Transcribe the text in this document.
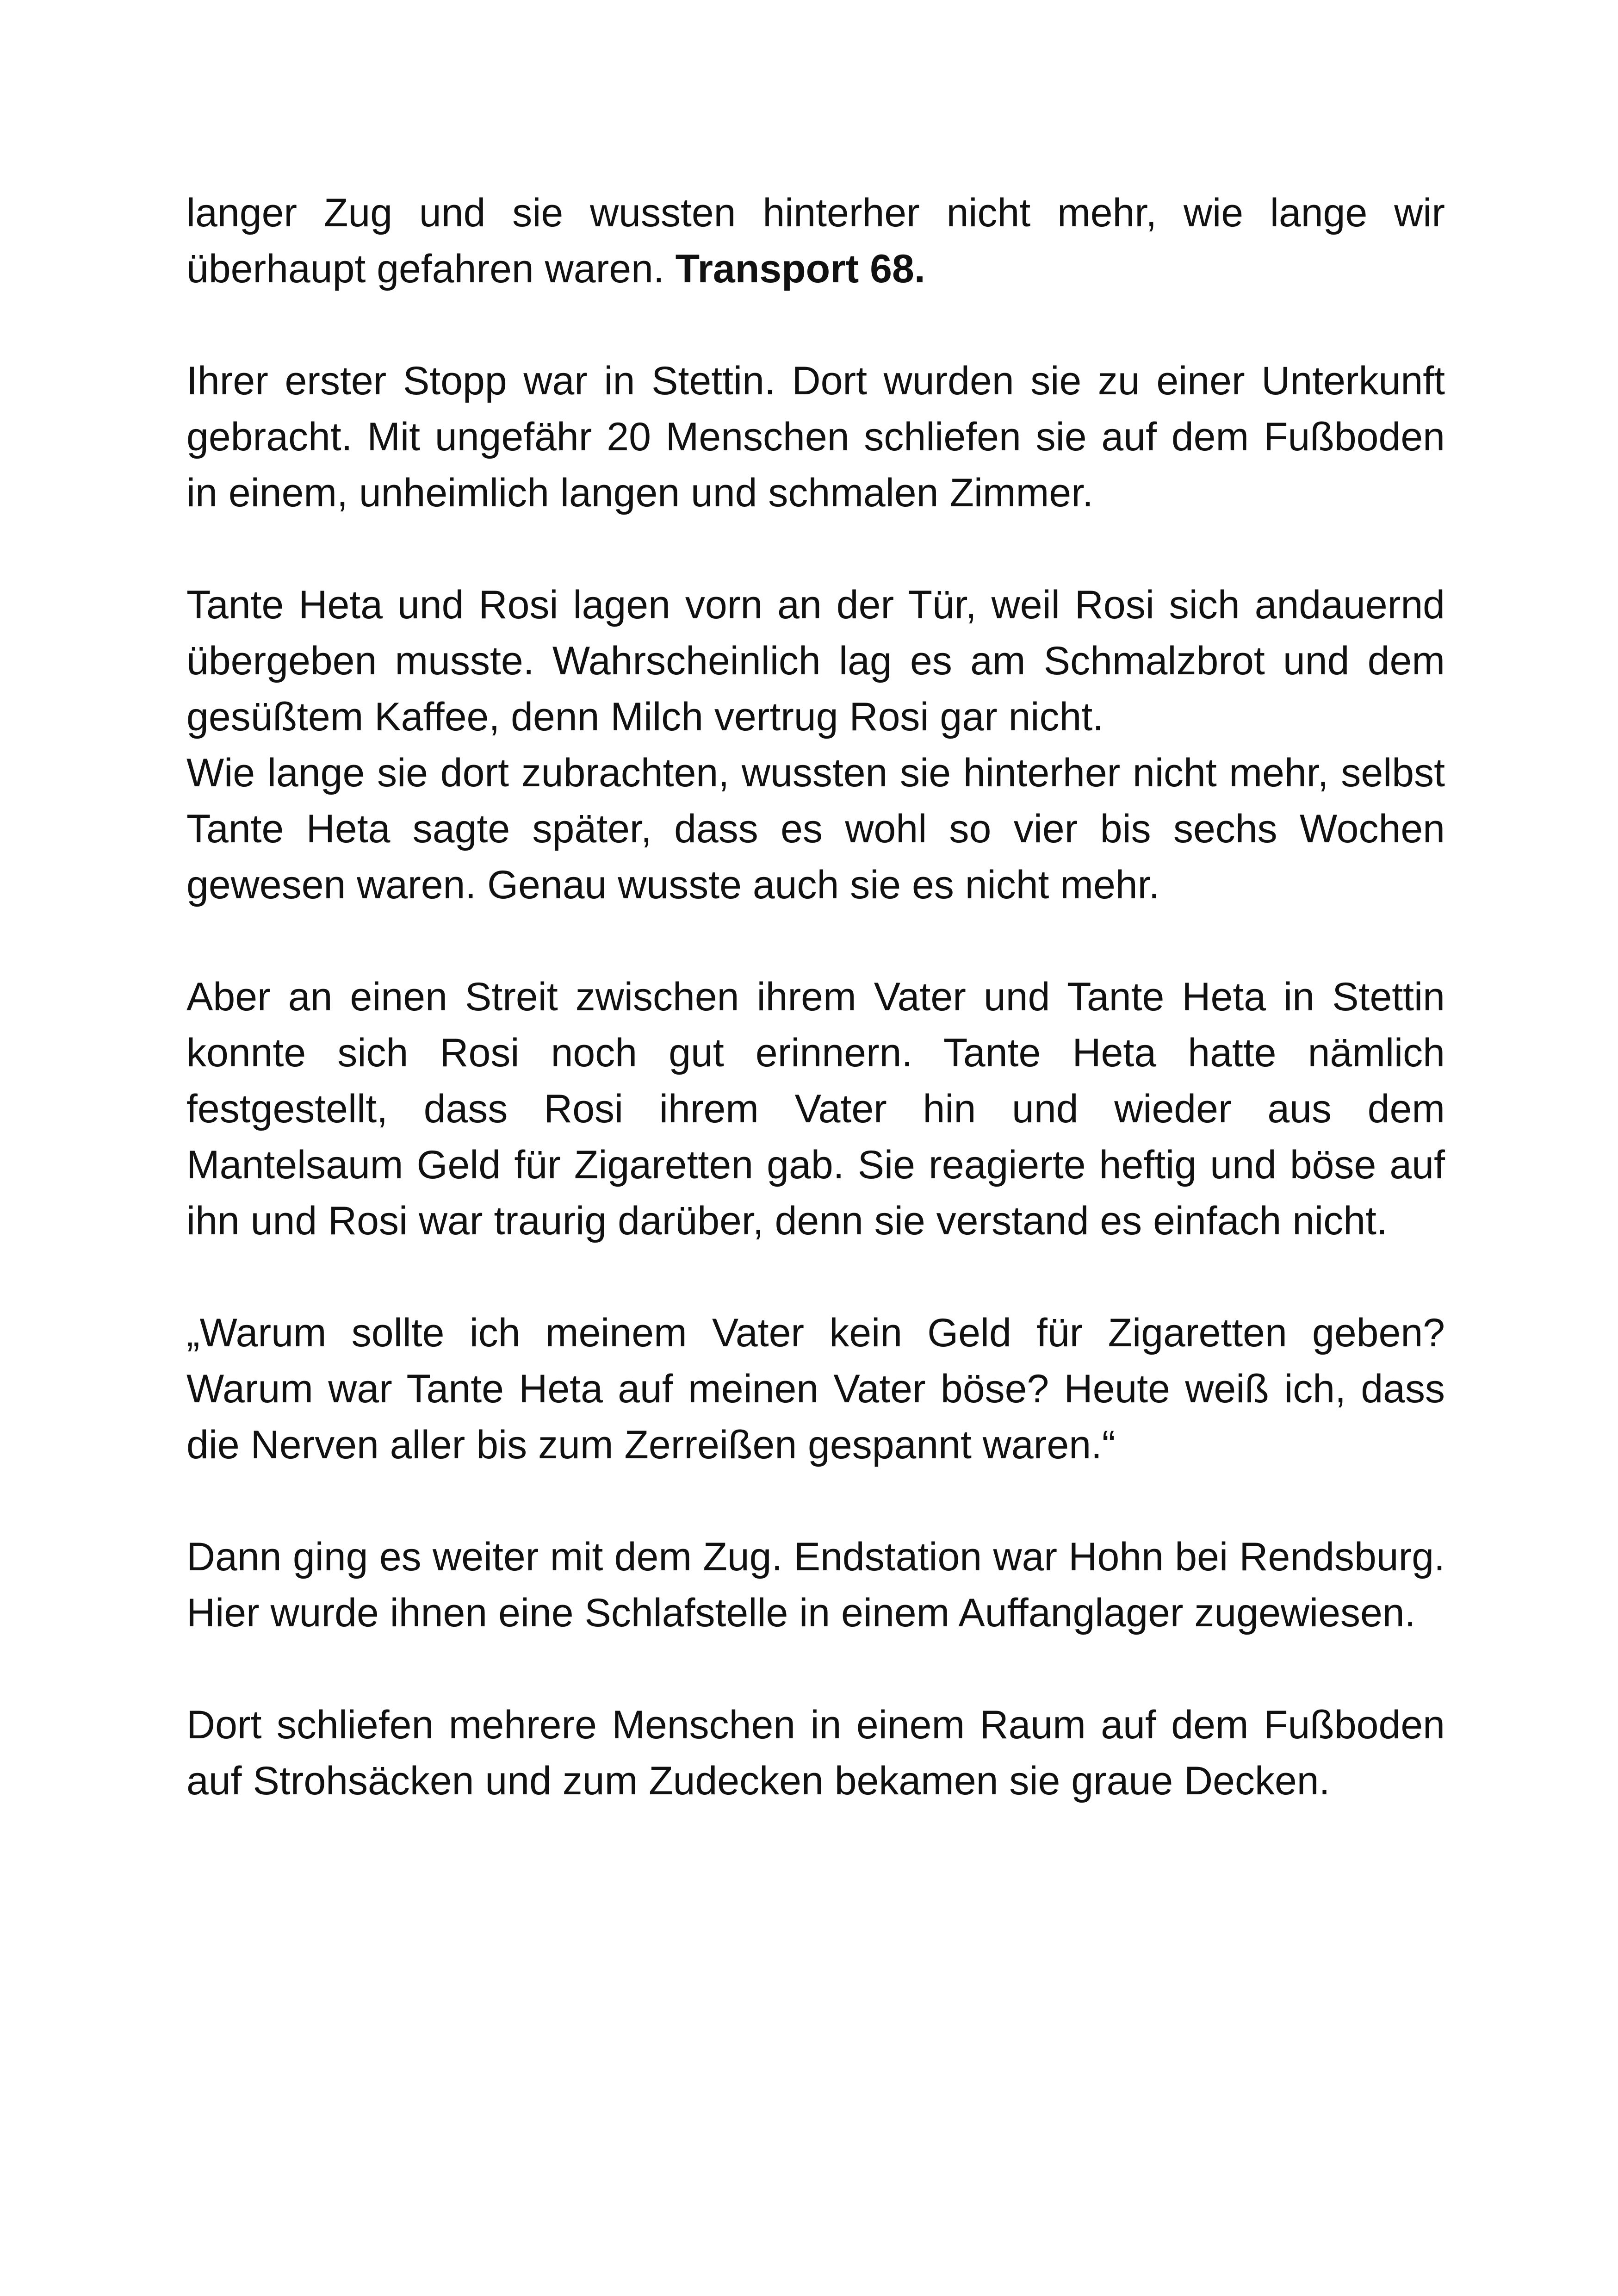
langer Zug und sie wussten hinterher nicht mehr, wie lange wir überhaupt gefahren waren. Transport 68.

Ihrer erster Stopp war in Stettin. Dort wurden sie zu einer Unterkunft gebracht. Mit ungefähr 20 Menschen schliefen sie auf dem Fußboden in einem, unheimlich langen und schmalen Zimmer.

Tante Heta und Rosi lagen vorn an der Tür, weil Rosi sich andauernd übergeben musste. Wahrscheinlich lag es am Schmalzbrot und dem gesüßtem Kaffee, denn Milch vertrug Rosi gar nicht.

Wie lange sie dort zubrachten, wussten sie hinterher nicht mehr, selbst Tante Heta sagte später, dass es wohl so vier bis sechs Wochen gewesen waren. Genau wusste auch sie es nicht mehr.

Aber an einen Streit zwischen ihrem Vater und Tante Heta in Stettin konnte sich Rosi noch gut erinnern. Tante Heta hatte nämlich festgestellt, dass Rosi ihrem Vater hin und wieder aus dem Mantelsaum Geld für Zigaretten gab. Sie reagierte heftig und böse auf ihn und Rosi war traurig darüber, denn sie verstand es einfach nicht.

„Warum sollte ich meinem Vater kein Geld für Zigaretten geben? Warum war Tante Heta auf meinen Vater böse? Heute weiß ich, dass die Nerven aller bis zum Zerreißen gespannt waren.“

Dann ging es weiter mit dem Zug. Endstation war Hohn bei Rendsburg. Hier wurde ihnen eine Schlafstelle in einem Auffanglager zugewiesen.

Dort schliefen mehrere Menschen in einem Raum auf dem Fußboden auf Strohsäcken und zum Zudecken bekamen sie graue Decken.
